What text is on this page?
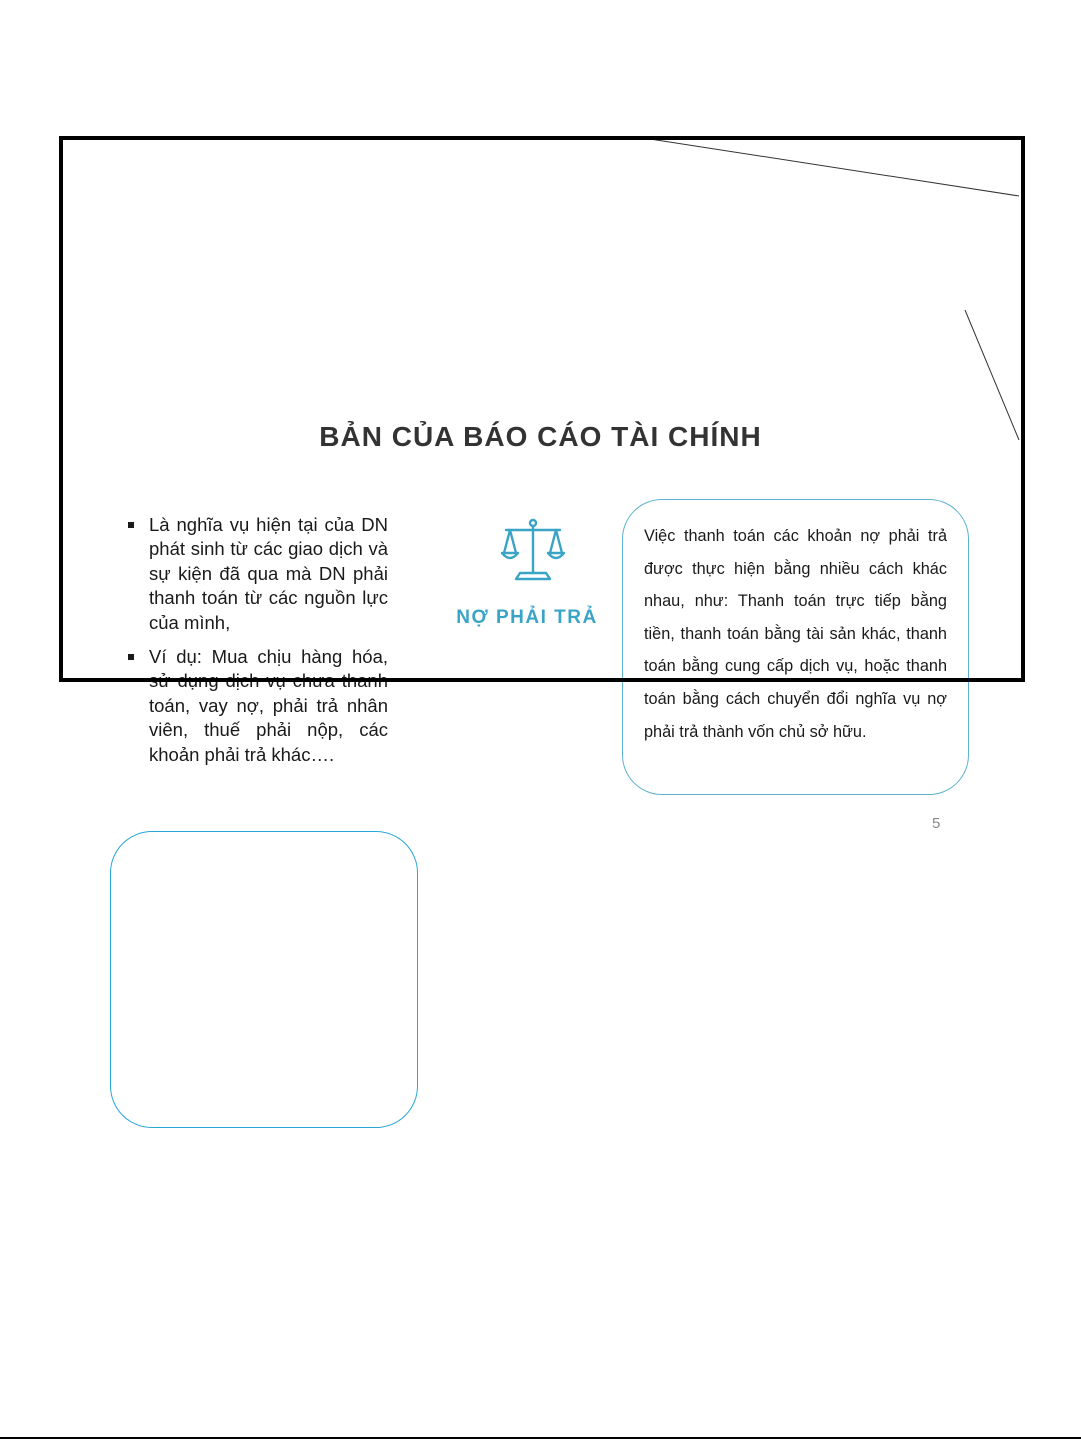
BẢN CỦA BÁO CÁO TÀI CHÍNH
Là nghĩa vụ hiện tại của DN phát sinh từ các giao dịch và sự kiện đã qua mà DN phải thanh toán từ các nguồn lực của mình,
Ví dụ: Mua chịu hàng hóa, sử dụng dịch vụ chưa thanh toán, vay nợ, phải trả nhân viên, thuế phải nộp, các khoản phải trả khác….
NỢ PHẢI TRẢ

Việc thanh toán các khoản nợ phải trả được thực hiện bằng nhiều cách khác nhau, như: Thanh toán trực tiếp bằng tiền, thanh toán bằng tài sản khác, thanh toán bằng cung cấp dịch vụ, hoặc thanh toán bằng cách chuyển đổi nghĩa vụ nợ phải trả thành vốn chủ sở hữu.

5
